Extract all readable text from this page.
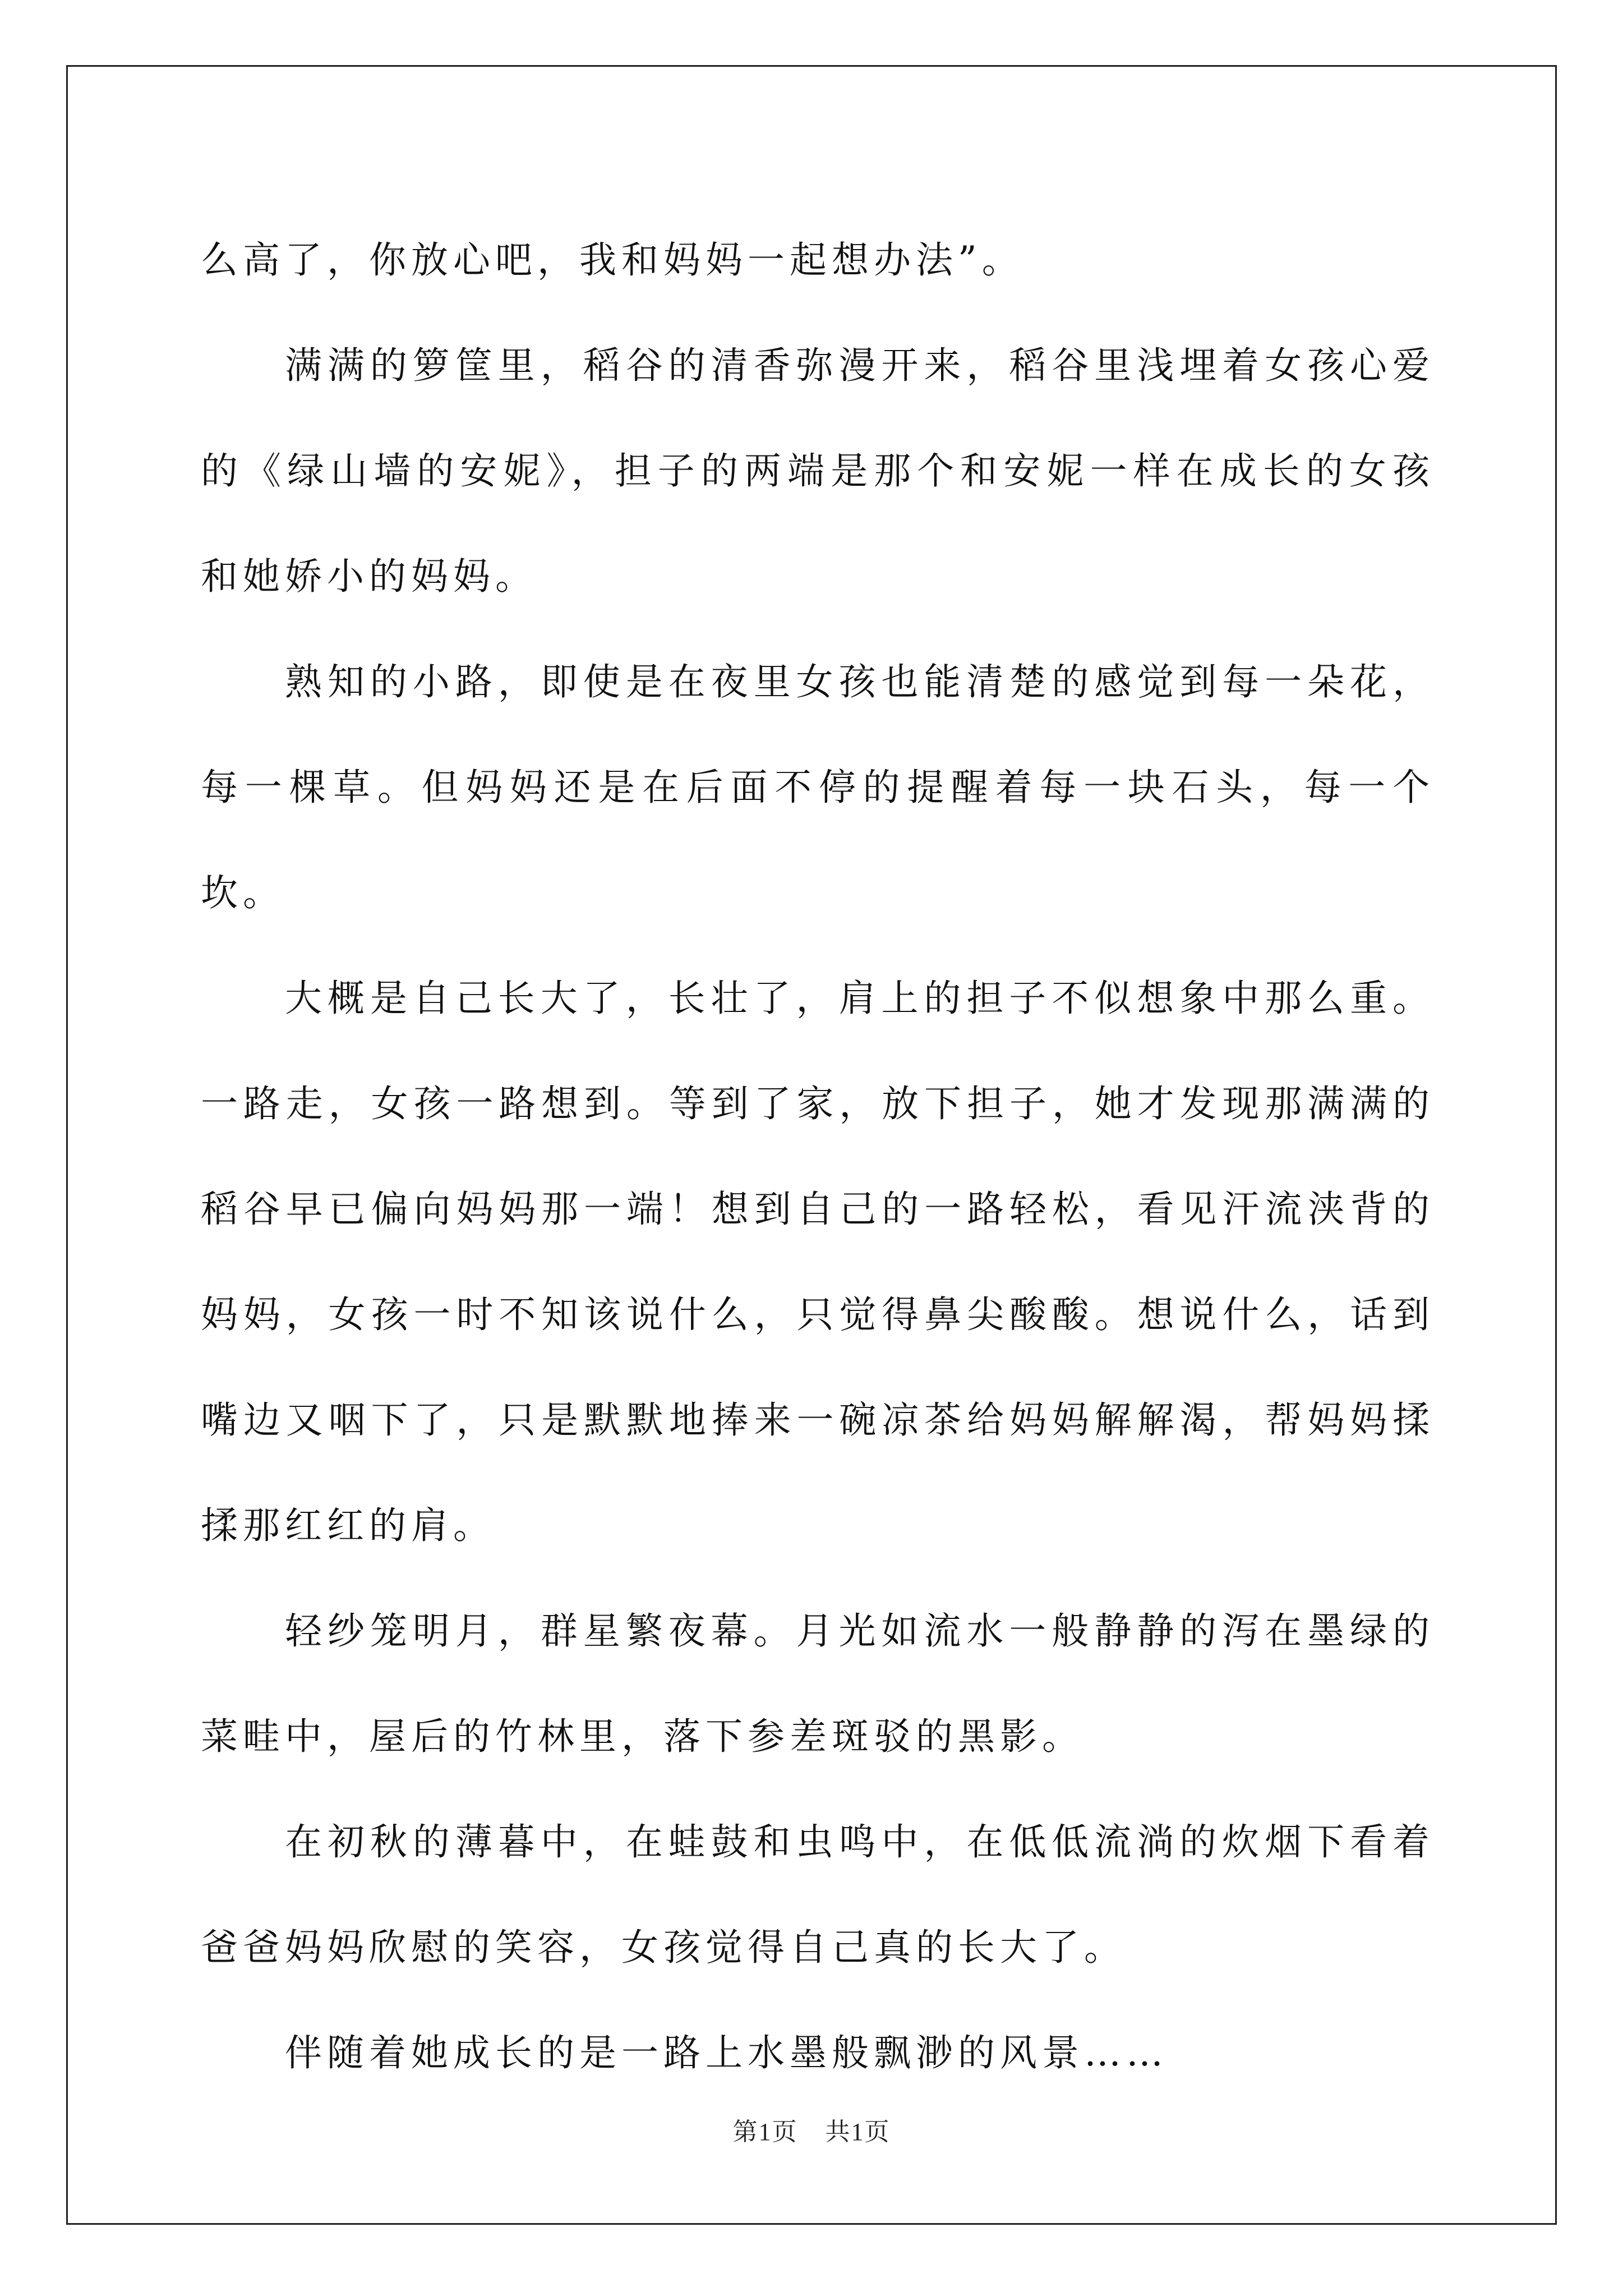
么高了，你放心吧，我和妈妈一起想办法”。

满满的箩筐里，稻谷的清香弥漫开来，稻谷里浅埋着女孩心爱的《绿山墙的安妮》，担子的两端是那个和安妮一样在成长的女孩和她娇小的妈妈。

熟知的小路，即使是在夜里女孩也能清楚的感觉到每一朵花，每一棵草。但妈妈还是在后面不停的提醒着每一块石头，每一个坎。

大概是自己长大了，长壮了，肩上的担子不似想象中那么重。一路走，女孩一路想到。等到了家，放下担子，她才发现那满满的稻谷早已偏向妈妈那一端！想到自己的一路轻松，看见汗流浃背的妈妈，女孩一时不知该说什么，只觉得鼻尖酸酸。想说什么，话到嘴边又咽下了，只是默默地捧来一碗凉茶给妈妈解解渴，帮妈妈揉揉那红红的肩。

轻纱笼明月，群星繁夜幕。月光如流水一般静静的泻在墨绿的菜畦中，屋后的竹林里，落下参差斑驳的黑影。

在初秋的薄暮中，在蛙鼓和虫鸣中，在低低流淌的炊烟下看着爸爸妈妈欣慰的笑容，女孩觉得自己真的长大了。

伴随着她成长的是一路上水墨般飘渺的风景……

第1页 共1页
